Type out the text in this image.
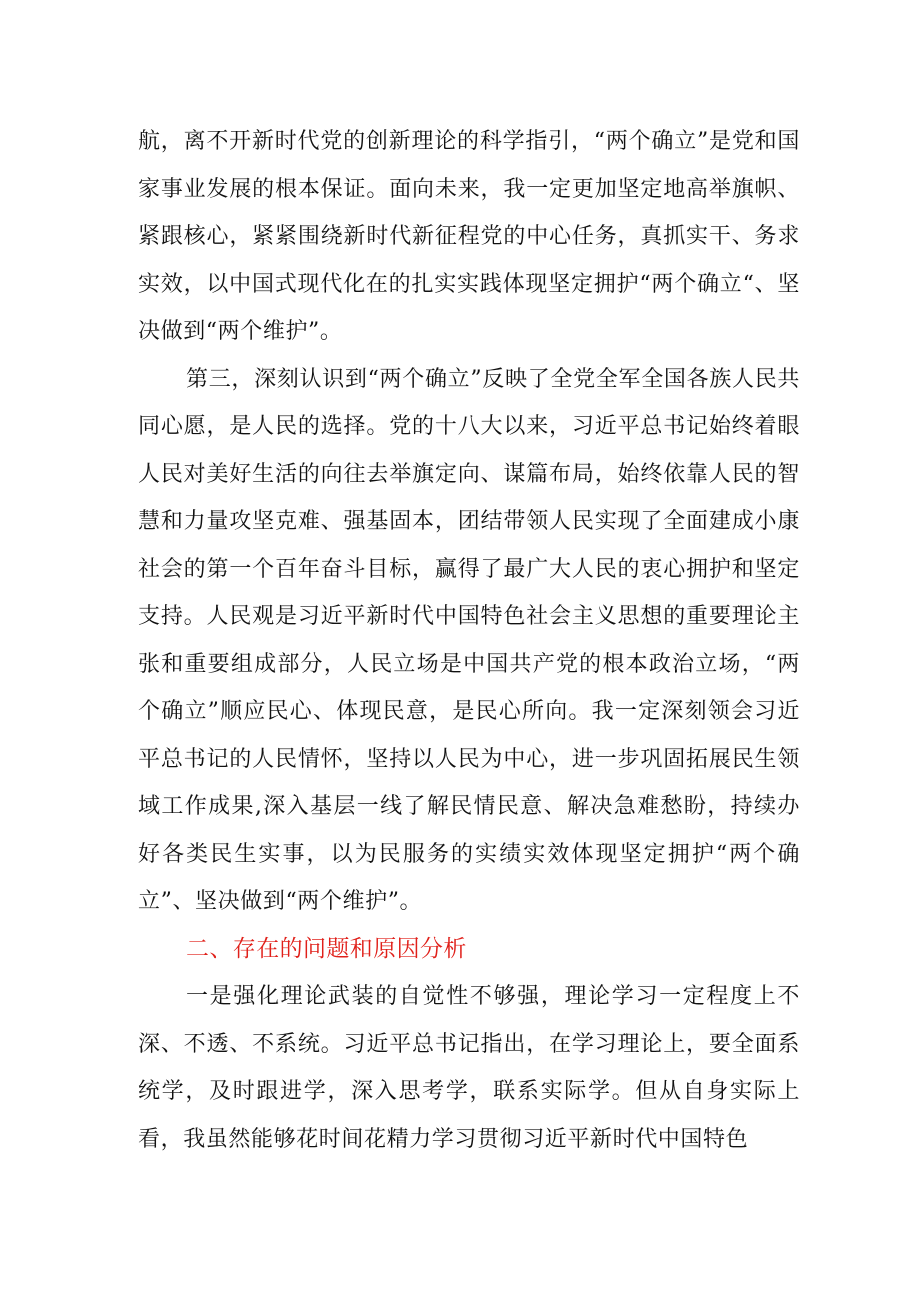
航，离不开新时代党的创新理论的科学指引，“两个确立”是党和国家事业发展的根本保证。面向未来，我一定更加坚定地高举旗帜、紧跟核心，紧紧围绕新时代新征程党的中心任务，真抓实干、务求实效，以中国式现代化在的扎实实践体现坚定拥护“两个确立“、坚决做到“两个维护”。

第三，深刻认识到“两个确立”反映了全党全军全国各族人民共同心愿，是人民的选择。党的十八大以来，习近平总书记始终着眼人民对美好生活的向往去举旗定向、谋篇布局，始终依靠人民的智慧和力量攻坚克难、强基固本，团结带领人民实现了全面建成小康社会的第一个百年奋斗目标，赢得了最广大人民的衷心拥护和坚定支持。人民观是习近平新时代中国特色社会主义思想的重要理论主张和重要组成部分，人民立场是中国共产党的根本政治立场，“两个确立”顺应民心、体现民意，是民心所向。我一定深刻领会习近平总书记的人民情怀，坚持以人民为中心，进一步巩固拓展民生领域工作成果,深入基层一线了解民情民意、解决急难愁盼，持续办好各类民生实事，以为民服务的实绩实效体现坚定拥护“两个确立”、坚决做到“两个维护”。

二、存在的问题和原因分析

一是强化理论武装的自觉性不够强，理论学习一定程度上不深、不透、不系统。习近平总书记指出，在学习理论上，要全面系统学，及时跟进学，深入思考学，联系实际学。但从自身实际上看，我虽然能够花时间花精力学习贯彻习近平新时代中国特色
